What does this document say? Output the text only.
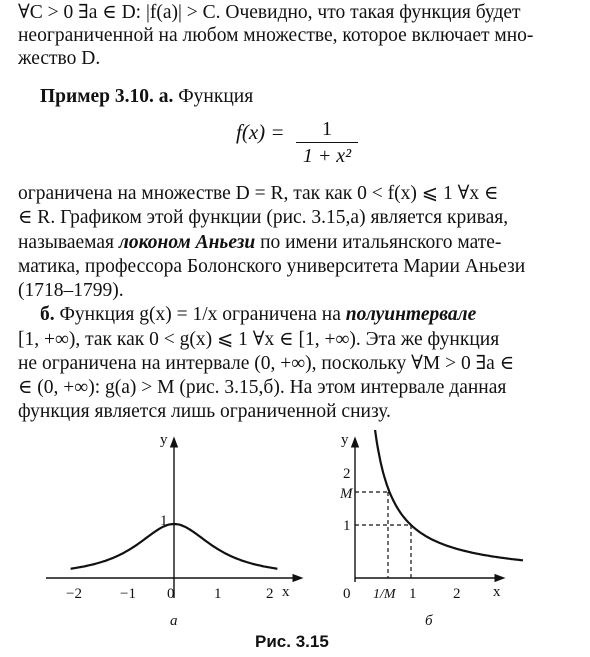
∀C > 0 ∃a ∈ D: |f(a)| > C. Очевидно, что такая функция будет
неограниченной на любом множестве, которое включает мно-
жество D.
Пример 3.10. а. Функция
f(x) =	1
1 + x²
ограничена на множестве D = R, так как 0 < f(x) ⩽ 1 ∀x ∈
∈ R. Графиком этой функции (рис. 3.15,а) является кривая,
называемая локоном Аньези по имени итальянского мате-
матика, профессора Болонского университета Марии Аньези
(1718–1799).
б. Функция g(x) = 1/x ограничена на полуинтервале
[1, +∞), так как 0 < g(x) ⩽ 1 ∀x ∈ [1, +∞). Эта же функция
не ограничена на интервале (0, +∞), поскольку ∀M > 0 ∃a ∈
∈ (0, +∞): g(a) > M (рис. 3.15,б). На этом интервале данная
функция является лишь ограниченной снизу.
y
x
1
−2	−1 0	1	2
а
y
x
2
M
1
0 1/M 1 2
б
Рис. 3.15
